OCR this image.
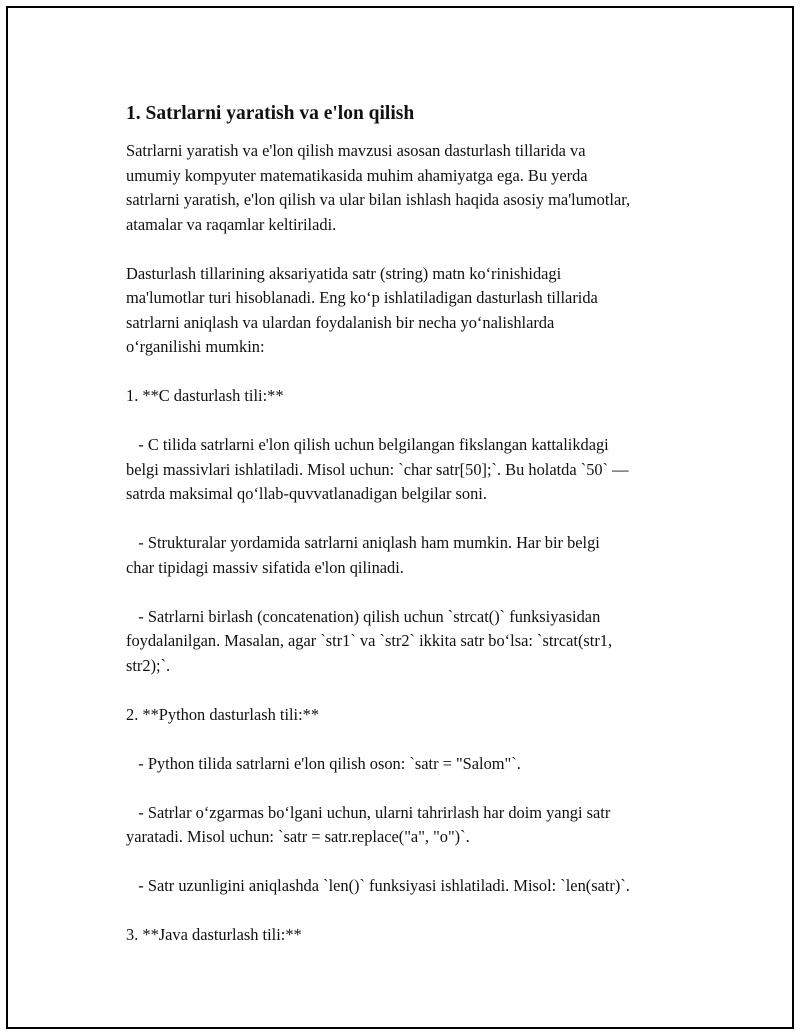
1. Satrlarni yaratish va e'lon qilish

Satrlarni yaratish va e'lon qilish mavzusi asosan dasturlash tillarida va
umumiy kompyuter matematikasida muhim ahamiyatga ega. Bu yerda
satrlarni yaratish, e'lon qilish va ular bilan ishlash haqida asosiy ma'lumotlar,
atamalar va raqamlar keltiriladi.

Dasturlash tillarining aksariyatida satr (string) matn koʻrinishidagi
ma'lumotlar turi hisoblanadi. Eng koʻp ishlatiladigan dasturlash tillarida
satrlarni aniqlash va ulardan foydalanish bir necha yoʻnalishlarda
oʻrganilishi mumkin:

1. **C dasturlash tili:**

- C tilida satrlarni e'lon qilish uchun belgilangan fikslangan kattalikdagi
belgi massivlari ishlatiladi. Misol uchun: `char satr[50];`. Bu holatda `50` —
satrda maksimal qoʻllab-quvvatlanadigan belgilar soni.

- Strukturalar yordamida satrlarni aniqlash ham mumkin. Har bir belgi
char tipidagi massiv sifatida e'lon qilinadi.

- Satrlarni birlash (concatenation) qilish uchun `strcat()` funksiyasidan
foydalanilgan. Masalan, agar `str1` va `str2` ikkita satr boʻlsa: `strcat(str1,
str2);`.

2. **Python dasturlash tili:**

- Python tilida satrlarni e'lon qilish oson: `satr = "Salom"`.

- Satrlar oʻzgarmas boʻlgani uchun, ularni tahrirlash har doim yangi satr
yaratadi. Misol uchun: `satr = satr.replace("a", "o")`.

- Satr uzunligini aniqlashda `len()` funksiyasi ishlatiladi. Misol: `len(satr)`.

3. **Java dasturlash tili:**
